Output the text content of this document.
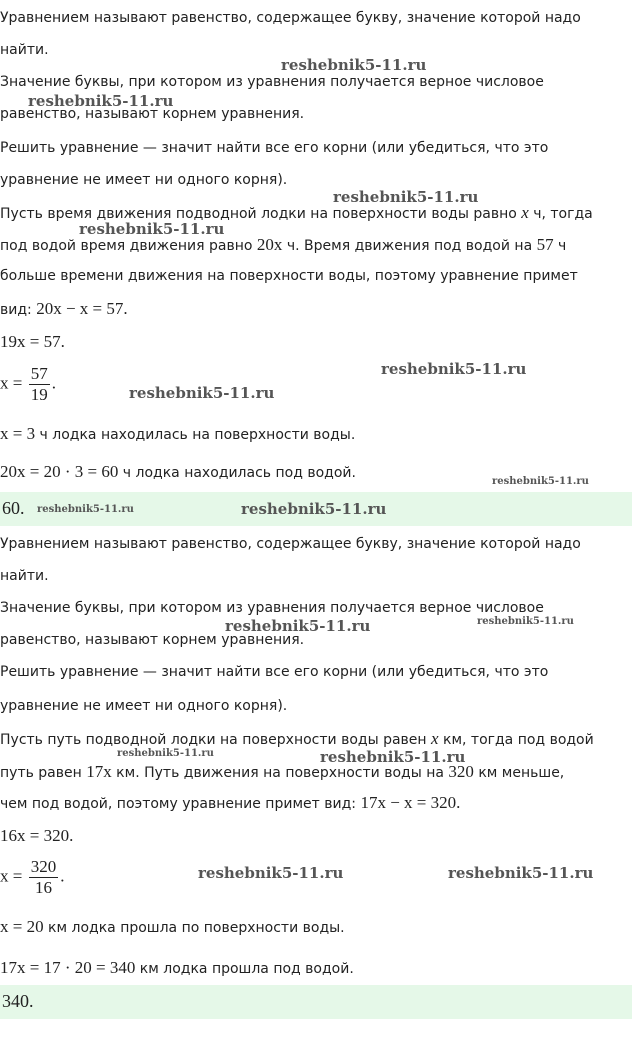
Уравнением называют равенство, содержащее букву, значение которой надо
найти.
Значение буквы, при котором из уравнения получается верное числовое
равенство, называют корнем уравнения.
Решить уравнение — значит найти все его корни (или убедиться, что это
уравнение не имеет ни одного корня).
Пусть время движения подводной лодки на поверхности воды равно x ч, тогда
под водой время движения равно 20x ч. Время движения под водой на 57 ч
больше времени движения на поверхности воды, поэтому уравнение примет
вид: 20x − x = 57.
19x = 57.
$x = \frac{57}{19}$ .
x = 3 ч лодка находилась на поверхности воды.
20x = 20 · 3 = 60 ч лодка находилась под водой.
60.
Уравнением называют равенство, содержащее букву, значение которой надо
найти.
Значение буквы, при котором из уравнения получается верное числовое
равенство, называют корнем уравнения.
Решить уравнение — значит найти все его корни (или убедиться, что это
уравнение не имеет ни одного корня).
Пусть путь подводной лодки на поверхности воды равен x км, тогда под водой
путь равен 17x км. Путь движения на поверхности воды на 320 км меньше,
чем под водой, поэтому уравнение примет вид: 17x − x = 320.
16x = 320.
$x = \frac{320}{16}$ .
x = 20 км лодка прошла по поверхности воды.
17x = 17 · 20 = 340 км лодка прошла под водой.
340.
reshebnik5-11.ru
reshebnik5-11.ru
reshebnik5-11.ru
reshebnik5-11.ru
reshebnik5-11.ru
reshebnik5-11.ru
reshebnik5-11.ru
reshebnik5-11.ru	reshebnik5-11.ru
reshebnik5-11.ru	reshebnik5-11.ru
reshebnik5-11.ru	reshebnik5-11.ru
reshebnik5-11.ru	reshebnik5-11.ru
